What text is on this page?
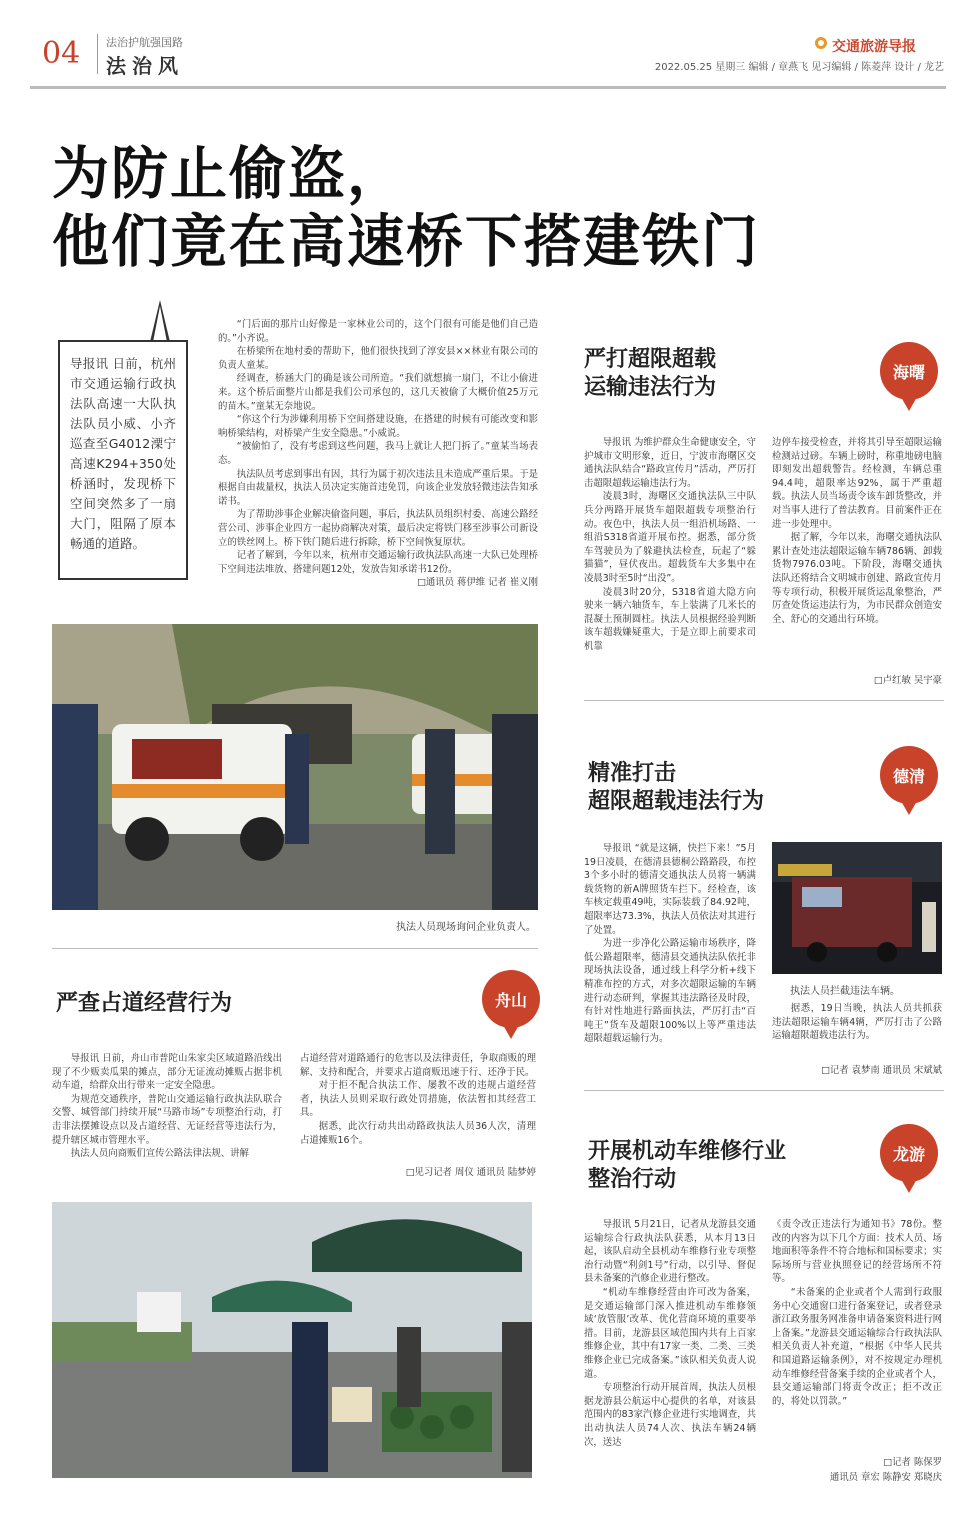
04 法治护航强国路
法治风
交通旅游导报
2022.05.25 星期三 编辑 / 章燕飞 见习编辑 / 陈菱萍 设计 / 龙艺
为防止偷盗，
他们竟在高速桥下搭建铁门
导报讯 日前，杭州市交通运输行政执法队高速一大队执法队员小威、小齐巡查至G4012溧宁高速K294+350处桥涵时，发现桥下空间突然多了一扇大门，阻隔了原本畅通的道路。

“门后面的那片山好像是一家林业公司的，这个门很有可能是他们自己造的。”小齐说。

在桥梁所在地村委的帮助下，他们很快找到了淳安县××林业有限公司的负责人童某。

经调查，桥涵大门的确是该公司所造。“我们就想搞一扇门，不让小偷进来。这个桥后面整片山都是我们公司承包的，这几天被偷了大概价值25万元的苗木。”童某无奈地说。

“你这个行为涉嫌利用桥下空间搭建设施，在搭建的时候有可能改变和影响桥梁结构，对桥梁产生安全隐患。”小威说。

“被偷怕了，没有考虑到这些问题，我马上就让人把门拆了。”童某当场表态。

执法队员考虑到事出有因，其行为属于初次违法且未造成严重后果。于是根据自由裁量权，执法人员决定实施首违免罚，向该企业发放轻微违法告知承诺书。

为了帮助涉事企业解决偷盗问题，事后，执法队员组织村委、高速公路经营公司、涉事企业四方一起协商解决对策，最后决定将铁门移至涉事公司新设立的铁丝网上。桥下铁门随后进行拆除，桥下空间恢复原状。

记者了解到，今年以来，杭州市交通运输行政执法队高速一大队已处理桥下空间违法堆放、搭建问题12处，发放告知承诺书12份。

□通讯员 蒋伊维 记者 崔义刚
执法人员现场询问企业负责人。
严打超限超载
运输违法行为
海曙

导报讯 为维护群众生命健康安全，守护城市文明形象，近日，宁波市海曙区交通执法队结合“路政宣传月”活动，严厉打击超限超载运输违法行为。

凌晨3时，海曙区交通执法队三中队兵分两路开展货车超限超载专项整治行动。夜色中，执法人员一组沿机场路、一组沿S318省道开展布控。据悉，部分货车驾驶员为了躲避执法检查，玩起了“躲猫猫”，昼伏夜出。超载货车大多集中在凌晨3时至5时“出没”。

凌晨3时20分，S318省道大隐方向驶来一辆六轴货车，车上装满了几米长的混凝土预制圆柱。执法人员根据经验判断该车超载嫌疑重大，于是立即上前要求司机靠

边停车接受检查，并将其引导至超限运输检测站过磅。车辆上磅时，称重地磅电脑即刻发出超载警告。经检测，车辆总重94.4吨，超限率达92%，属于严重超载。执法人员当场责令该车卸货整改，并对当事人进行了普法教育。目前案件正在进一步处理中。

据了解，今年以来，海曙交通执法队累计查处违法超限运输车辆786辆、卸载货物7976.03吨。下阶段，海曙交通执法队还将结合文明城市创建、路政宣传月等专项行动，积极开展货运乱象整治，严厉查处货运违法行为，为市民群众创造安全、舒心的交通出行环境。

□卢红敏 吴宇豪
精准打击
超限超载违法行为
德清

导报讯 “就是这辆，快拦下来！”5月19日凌晨，在德清县德桐公路路段，布控3个多小时的德清交通执法人员将一辆满载货物的新A牌照货车拦下。经检查，该车核定载重49吨，实际装载了84.92吨，超限率达73.3%，执法人员依法对其进行了处置。

为进一步净化公路运输市场秩序，降低公路超限率，德清县交通执法队依托非现场执法设备，通过线上科学分析+线下精准布控的方式，对多次超限运输的车辆进行动态研判，掌握其违法路径及时段，有针对性地进行路面执法，严厉打击“百吨王”货车及超限100%以上等严重违法超限超载运输行为。

执法人员拦截违法车辆。

据悉，19日当晚，执法人员共抓获违法超限运输车辆4辆，严厉打击了公路运输超限超载违法行为。

□记者 袁梦南 通讯员 宋斌斌
严查占道经营行为	舟山

导报讯 日前，舟山市普陀山朱家尖区域道路沿线出现了不少贩卖瓜果的摊点，部分无证流动摊贩占据非机动车道，给群众出行带来一定安全隐患。

为规范交通秩序，普陀山交通运输行政执法队联合交警、城管部门持续开展“马路市场”专项整治行动，打击非法摆摊设点以及占道经营、无证经营等违法行为，提升辖区城市管理水平。

执法人员向商贩们宣传公路法律法规、讲解

占道经营对道路通行的危害以及法律责任，争取商贩的理解、支持和配合，并要求占道商贩迅速于行、还净于民。

对于拒不配合执法工作、屡教不改的违规占道经营者，执法人员则采取行政处罚措施，依法暂扣其经营工具。

据悉，此次行动共出动路政执法人员36人次，清理占道摊贩16个。

□见习记者 周仪 通讯员 陆梦婷
开展机动车维修行业
整治行动
龙游

导报讯 5月21日，记者从龙游县交通运输综合行政执法队获悉，从本月13日起，该队启动全县机动车维修行业专项整治行动暨“利剑1号”行动，以引导、督促县未备案的汽修企业进行整改。

“机动车维修经营由许可改为备案，是交通运输部门深入推进机动车维修领域‘放管服’改革、优化营商环境的重要举措。目前，龙游县区域范围内共有上百家维修企业，其中有17家一类、二类、三类维修企业已完成备案。”该队相关负责人说道。

专项整治行动开展首周，执法人员根据龙游县公航运中心提供的名单，对该县范围内的83家汽修企业进行实地调查，共出动执法人员74人次、执法车辆24辆次，送达

《责令改正违法行为通知书》78份。整改的内容为以下几个方面：技术人员、场地面积等条件不符合地标和国标要求；实际场所与营业执照登记的经营场所不符等。

“未备案的企业或者个人需到行政服务中心交通窗口进行备案登记，或者登录浙江政务服务网准备申请备案资料进行网上备案。”龙游县交通运输综合行政执法队相关负责人补充道，“根据《中华人民共和国道路运输条例》，对不按规定办理机动车维修经营备案手续的企业或者个人，县交通运输部门将责令改正；拒不改正的，将处以罚款。”

□记者 陈保罗
通讯员 章宏 陈静安 郑晓庆
